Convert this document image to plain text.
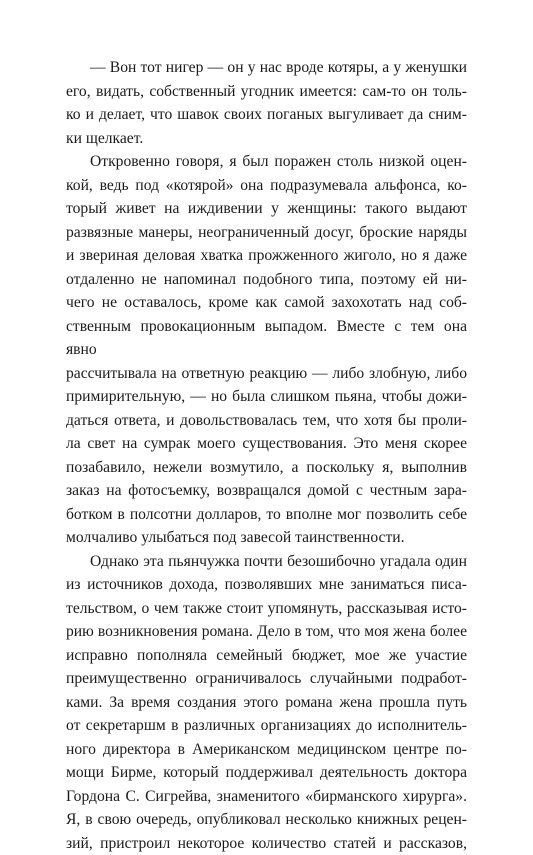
— Вон тот нигер — он у нас вроде котяры, а у женушки
его, видать, собственный угодник имеется: сам-то он толь-
ко и делает, что шавок своих поганых выгуливает да сним-
ки щелкает.

Откровенно говоря, я был поражен столь низкой оцен-
кой, ведь под «котярой» она подразумевала альфонса, ко-
торый живет на иждивении у женщины: такого выдают
развязные манеры, неограниченный досуг, броские наряды
и звериная деловая хватка прожженного жиголо, но я даже
отдаленно не напоминал подобного типа, поэтому ей ни-
чего не оставалось, кроме как самой захохотать над соб-
ственным провокационным выпадом. Вместе с тем она явно
рассчитывала на ответную реакцию — либо злобную, либо
примирительную, — но была слишком пьяна, чтобы дожи-
даться ответа, и довольствовалась тем, что хотя бы проли-
ла свет на сумрак моего существования. Это меня скорее
позабавило, нежели возмутило, а поскольку я, выполнив
заказ на фотосъемку, возвращался домой с честным зара-
ботком в полсотни долларов, то вполне мог позволить себе
молчаливо улыбаться под завесой таинственности.

Однако эта пьянчужка почти безошибочно угадала один
из источников дохода, позволявших мне заниматься писа-
тельством, о чем также стоит упомянуть, рассказывая исто-
рию возникновения романа. Дело в том, что моя жена более
исправно пополняла семейный бюджет, мое же участие
преимущественно ограничивалось случайными подработ-
ками. За время создания этого романа жена прошла путь
от секретаршм в различных организациях до исполнитель-
ного директора в Американском медицинском центре по-
мощи Бирме, который поддерживал деятельность доктора
Гордона С. Сигрейва, знаменитого «бирманского хирурга».
Я, в свою очередь, опубликовал несколько книжных рецен-
зий, пристроил некоторое количество статей и рассказов,
